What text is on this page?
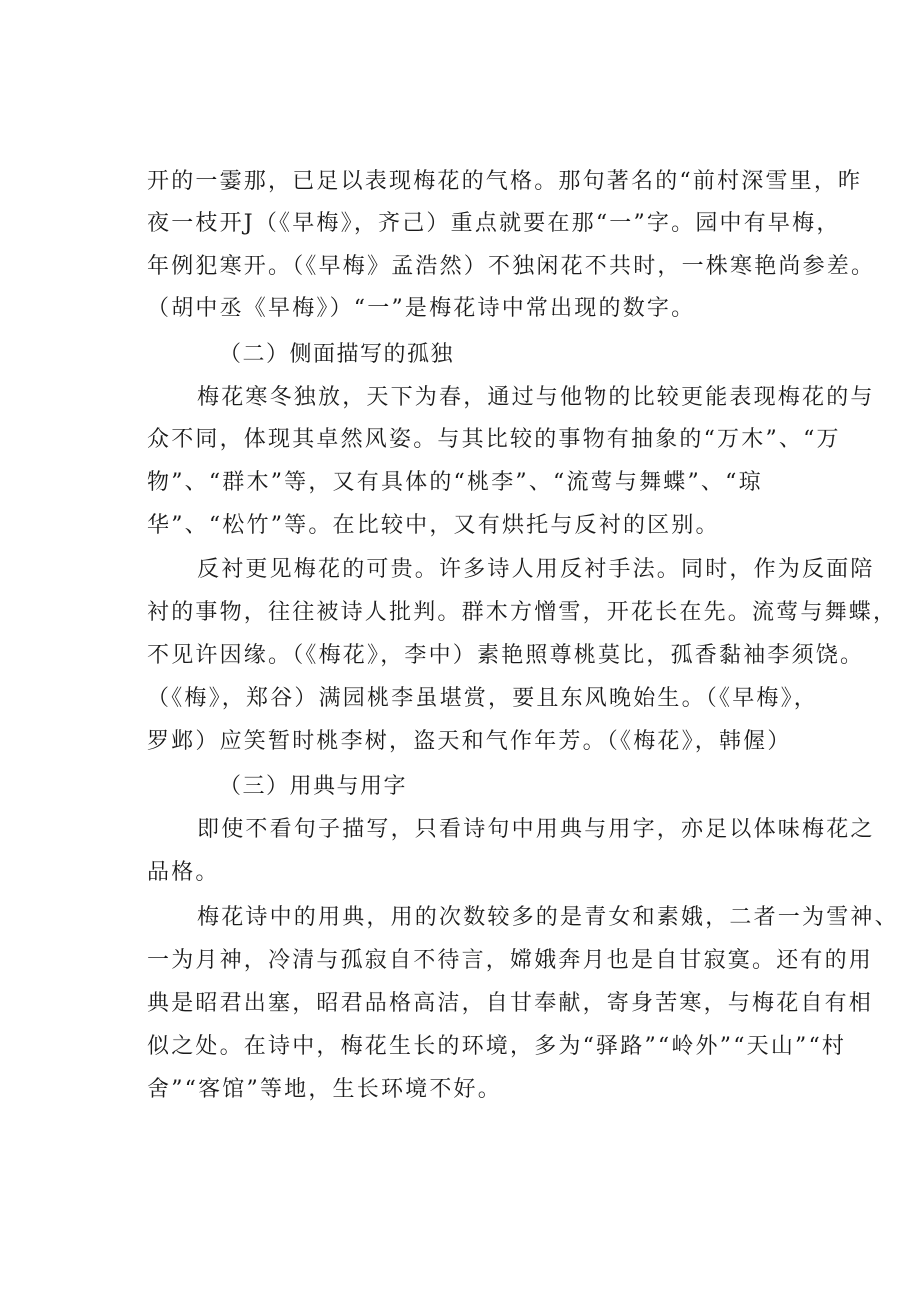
开的一霎那，已足以表现梅花的气格。那句著名的“前村深雪里，昨
夜一枝开J（《早梅》，齐己）重点就要在那“一”字。园中有早梅，
年例犯寒开。（《早梅》孟浩然）不独闲花不共时，一株寒艳尚参差。
（胡中丞《早梅》）“一”是梅花诗中常出现的数字。
（二）侧面描写的孤独
梅花寒冬独放，天下为春，通过与他物的比较更能表现梅花的与
众不同，体现其卓然风姿。与其比较的事物有抽象的“万木”、“万
物”、“群木”等，又有具体的“桃李”、“流莺与舞蝶”、“琼
华”、“松竹”等。在比较中，又有烘托与反衬的区别。
反衬更见梅花的可贵。许多诗人用反衬手法。同时，作为反面陪
衬的事物，往往被诗人批判。群木方憎雪，开花长在先。流莺与舞蝶，
不见许因缘。（《梅花》，李中）素艳照尊桃莫比，孤香黏袖李须饶。
（《梅》，郑谷）满园桃李虽堪赏，要且东风晚始生。（《早梅》，
罗邺）应笑暂时桃李树，盗天和气作年芳。（《梅花》，韩偓）
（三）用典与用字
即使不看句子描写，只看诗句中用典与用字，亦足以体味梅花之
品格。
梅花诗中的用典，用的次数较多的是青女和素娥，二者一为雪神、
一为月神，冷清与孤寂自不待言，嫦娥奔月也是自甘寂寞。还有的用
典是昭君出塞，昭君品格高洁，自甘奉献，寄身苦寒，与梅花自有相
似之处。在诗中，梅花生长的环境，多为“驿路”“岭外”“天山”“村
舍”“客馆”等地，生长环境不好。
